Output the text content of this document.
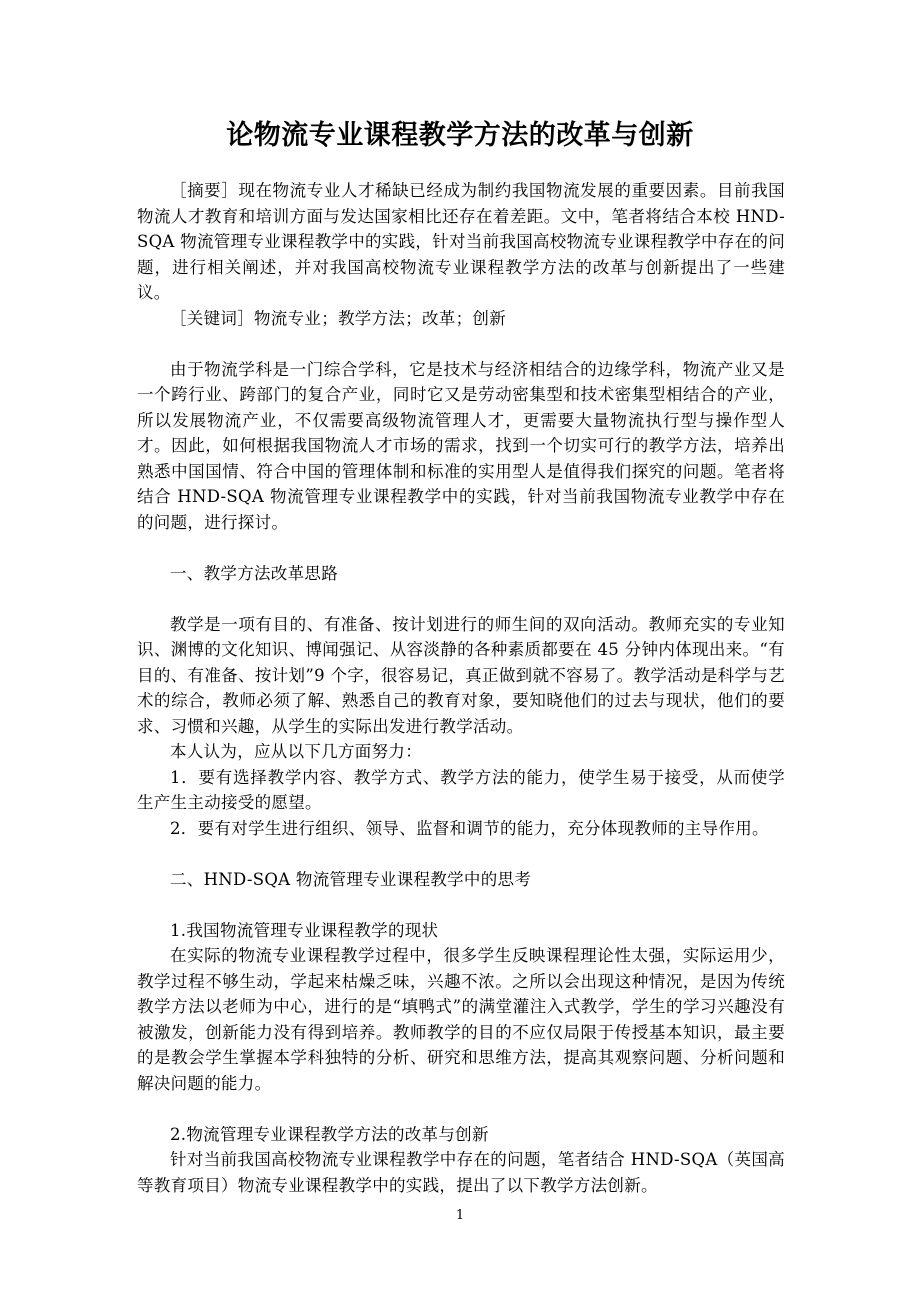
论物流专业课程教学方法的改革与创新

［摘要］现在物流专业人才稀缺已经成为制约我国物流发展的重要因素。目前我国物流人才教育和培训方面与发达国家相比还存在着差距。文中，笔者将结合本校 HND-SQA 物流管理专业课程教学中的实践，针对当前我国高校物流专业课程教学中存在的问题，进行相关阐述，并对我国高校物流专业课程教学方法的改革与创新提出了一些建议。

［关键词］物流专业；教学方法；改革；创新

由于物流学科是一门综合学科，它是技术与经济相结合的边缘学科，物流产业又是一个跨行业、跨部门的复合产业，同时它又是劳动密集型和技术密集型相结合的产业，所以发展物流产业，不仅需要高级物流管理人才，更需要大量物流执行型与操作型人才。因此，如何根据我国物流人才市场的需求，找到一个切实可行的教学方法，培养出熟悉中国国情、符合中国的管理体制和标准的实用型人是值得我们探究的问题。笔者将结合 HND-SQA 物流管理专业课程教学中的实践，针对当前我国物流专业教学中存在的问题，进行探讨。

一、教学方法改革思路

教学是一项有目的、有准备、按计划进行的师生间的双向活动。教师充实的专业知识、渊博的文化知识、博闻强记、从容淡静的各种素质都要在 45 分钟内体现出来。“有目的、有准备、按计划”9 个字，很容易记，真正做到就不容易了。教学活动是科学与艺术的综合，教师必须了解、熟悉自己的教育对象，要知晓他们的过去与现状，他们的要求、习惯和兴趣，从学生的实际出发进行教学活动。

本人认为，应从以下几方面努力：

1．要有选择教学内容、教学方式、教学方法的能力，使学生易于接受，从而使学生产生主动接受的愿望。

2．要有对学生进行组织、领导、监督和调节的能力，充分体现教师的主导作用。

二、HND-SQA 物流管理专业课程教学中的思考

1.我国物流管理专业课程教学的现状

在实际的物流专业课程教学过程中，很多学生反映课程理论性太强，实际运用少，教学过程不够生动，学起来枯燥乏味，兴趣不浓。之所以会出现这种情况，是因为传统教学方法以老师为中心，进行的是“填鸭式”的满堂灌注入式教学，学生的学习兴趣没有被激发，创新能力没有得到培养。教师教学的目的不应仅局限于传授基本知识，最主要的是教会学生掌握本学科独特的分析、研究和思维方法，提高其观察问题、分析问题和解决问题的能力。

2.物流管理专业课程教学方法的改革与创新

针对当前我国高校物流专业课程教学中存在的问题，笔者结合 HND-SQA（英国高等教育项目）物流专业课程教学中的实践，提出了以下教学方法创新。

1
